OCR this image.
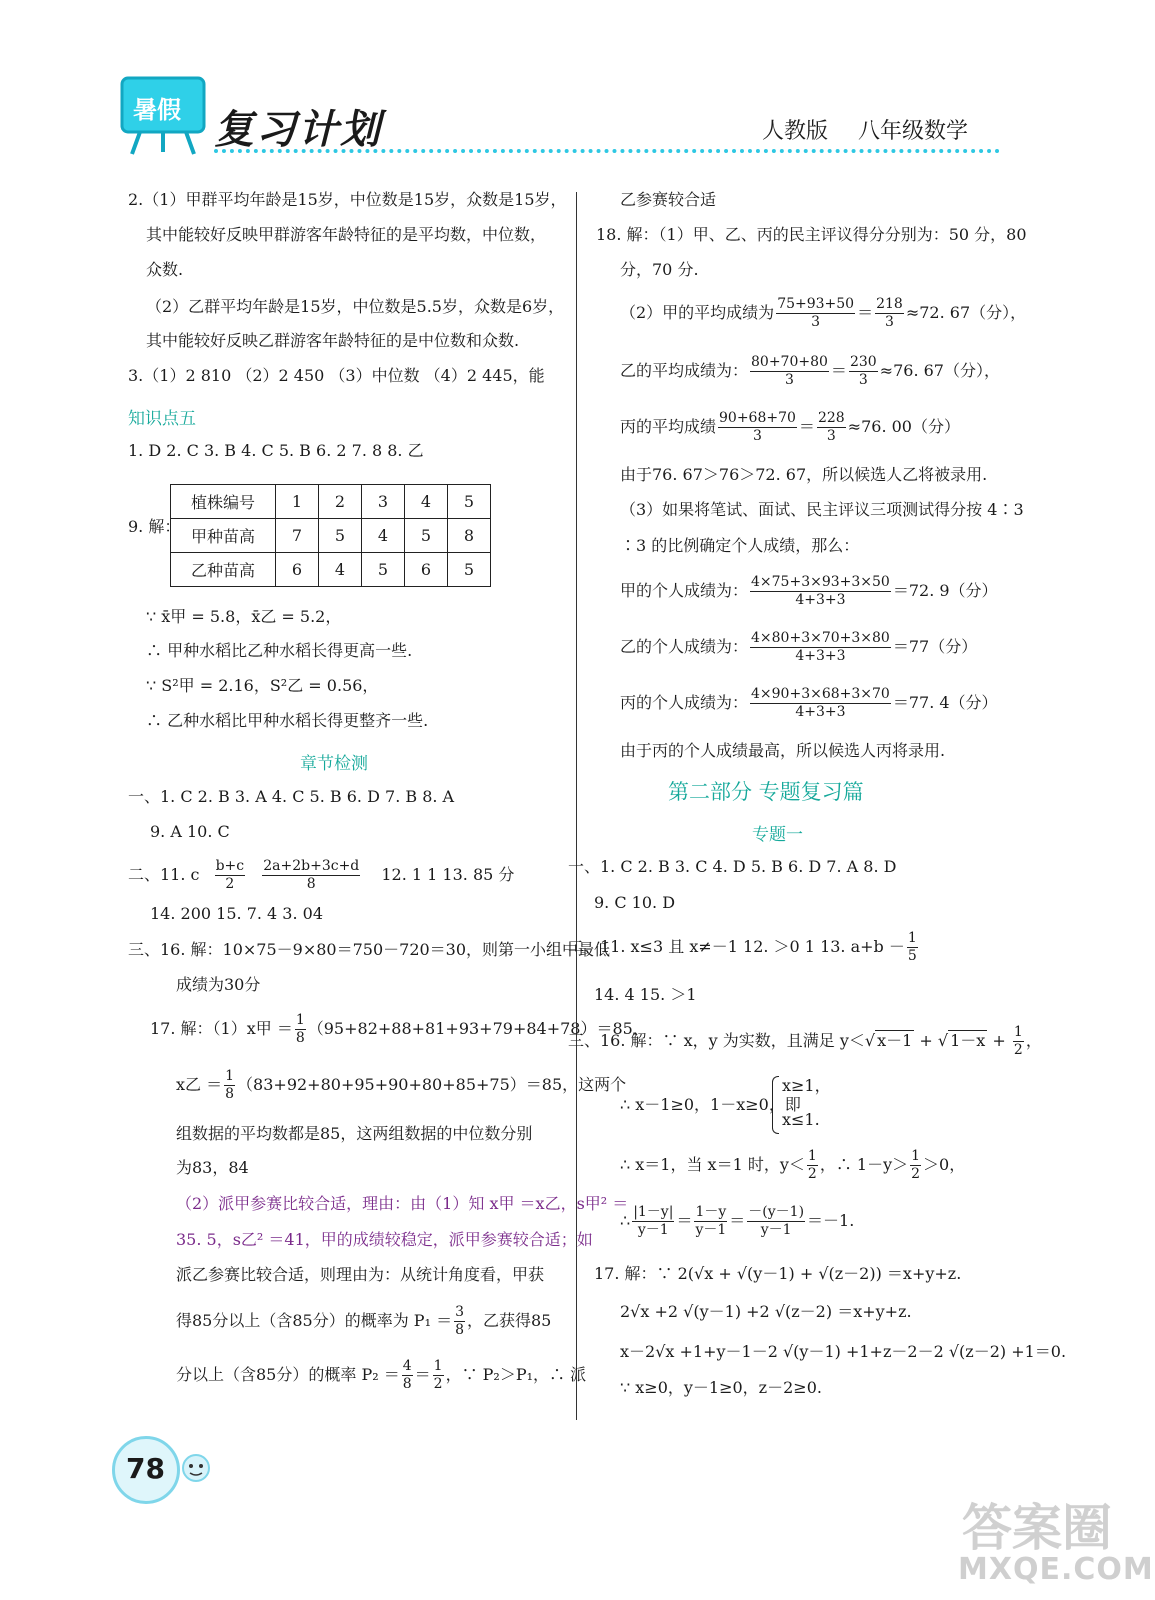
暑假 复习计划	人教版 八年级数学
2.（1）甲群平均年龄是15岁，中位数是15岁，众数是15岁，
其中能较好反映甲群游客年龄特征的是平均数，中位数，
众数.
（2）乙群平均年龄是15岁，中位数是5.5岁，众数是6岁，
其中能较好反映乙群游客年龄特征的是中位数和众数.
3.（1）2 810 （2）2 450 （3）中位数 （4）2 445，能
知识点五
1. D 2. C 3. B 4. C 5. B 6. 2 7. 8 8. 乙
9. 解：
植株编号	1	2	3	4	5
甲种苗高	7	5	4	5	8
乙种苗高	6	4	5	6	5
∵ x̄甲 = 5.8，x̄乙 = 5.2，
∴ 甲种水稻比乙种水稻长得更高一些.
∵ S²甲 = 2.16，S²乙 = 0.56，
∴ 乙种水稻比甲种水稻长得更整齐一些.
章节检测
一、1. C 2. B 3. A 4. C 5. B 6. D 7. B 8. A
9. A 10. C
二、11. c $\frac{b+c}{2}$
$\frac{2a+2b+3c+d}{8} 12$. 1 1 13. 85 分
14. 200 15. 7. 4 3. 04
三、16. 解：10×75－9×80＝750－720＝30，则第一小组中最低
成绩为30分
17. 解：（1）x甲 ＝ $\frac{1}{8} (95+82+88+81+93+79+84+78)=85$，
x乙 ＝ $\frac{1}{8} (83+92+80+95+90+80+85+75)=85$，这两个
组数据的平均数都是85，这两组数据的中位数分别
为83，84
（2）派甲参赛比较合适，理由：由（1）知 x甲 ＝x乙，s甲² ＝
35. 5，s乙² ＝41，甲的成绩较稳定，派甲参赛较合适；如
派乙参赛比较合适，则理由为：从统计角度看，甲获
得85分以上（含85分）的概率为 $P_1 = \frac{3}{8}$ ，乙获得85
分以上（含85分）的概率 $P_2 = \frac{4}{8} = \frac{1}{2}$ ，∵ P₂＞P₁，∴ 派
乙参赛较合适
18. 解：（1）甲、乙、丙的民主评议得分分别为：50 分，80
分，70 分.
（2）甲的平均成绩为 $\frac{75+93+50}{3} = \frac{218}{3} \approx 72$. 67（分），
乙的平均成绩为： $\frac{80+70+80}{3} = \frac{230}{3} \approx 76$. 67（分），
丙的平均成绩 $\frac{90+68+70}{3} = \frac{228}{3} \approx 76$. 00（分）
由于76. 67＞76＞72. 67，所以候选人乙将被录用.
（3）如果将笔试、面试、民主评议三项测试得分按 4∶3
∶3 的比例确定个人成绩，那么：
甲的个人成绩为： $\frac{4\times 75+3\times 93+3\times 50}{4+3+3} =72$. 9（分）
乙的个人成绩为： $\frac{4\times 80+3\times 70+3\times 80}{4+3+3} =77$（分）
丙的个人成绩为： $\frac{4\times 90+3\times 68+3\times 70}{4+3+3} =77$. 4（分）
由于丙的个人成绩最高，所以候选人丙将录用.
第二部分 专题复习篇
专题一
一、1. C 2. B 3. C 4. D 5. B 6. D 7. A 8. D
9. C 10. D
二、11. x≤3 且 x≠－1 12. ＞0 1 13. $a+b - \frac{1}{5}$
14. 4 15. ＞1
三、16. 解：∵ x，y 为实数，且满足 y＜√ x－1 + √ $1-x + \frac{1}{2}$ ，
∴ x－1≥0，1－x≥0，即
x≥1，
x≤1.
∴ x＝1，当 x＝1 时，$y< \frac{1}{2}$ ，∴ $1-y> \frac{1}{2} >0$，
∴ $\frac{|1-y|}{y-1} = \frac{1-y}{y-1} = \frac{-(y-1)}{y-1} =-1$.
17. 解：∵ 2(√x + √(y－1) + √(z－2)) ＝x+y+z.
2√x +2 √(y－1) +2 √(z－2) ＝x+y+z.
x－2√x +1+y－1－2 √(y－1) +1+z－2－2 √(z－2) +1＝0.
∵ x≥0，y－1≥0，z－2≥0.
78
答案圈
MXQE.COM
